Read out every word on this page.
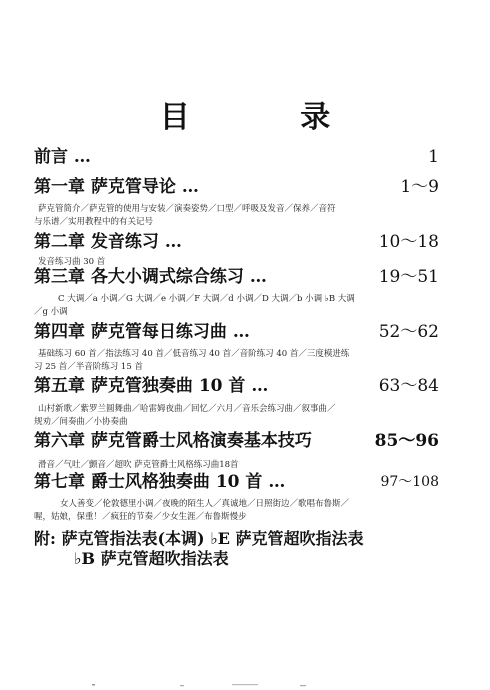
目 录
前言 …	1
第一章 萨克管导论 …	1～9
萨克管简介／萨克管的使用与安装／演奏姿势／口型／呼吸及发音／保养／音符
与乐谱／实用教程中的有关记号
第二章 发音练习 …	10～18
发音练习曲 30 首
第三章 各大小调式综合练习 …	19～51
C 大调／a 小调／G 大调／e 小调／F 大调／d 小调／D 大调／b 小调 ♭B 大调
／g 小调
第四章 萨克管每日练习曲 …	52～62
基础练习 60 首／指法练习 40 首／低音练习 40 首／音阶练习 40 首／三度模进练
习 25 首／半音阶练习 15 首
第五章 萨克管独奏曲 10 首 …	63～84
山村新歌／紫罗兰圆舞曲／哈雷姆夜曲／回忆／六月／音乐会练习曲／叙事曲／
规劝／间奏曲／小协奏曲
第六章 萨克管爵士风格演奏基本技巧	85～96
滑音／气吐／颤音／超吹 萨克管爵士风格练习曲18首
第七章 爵士风格独奏曲 10 首 …	97～108
女人善变／伦敦德里小调／夜晚的陌生人／真诚地／日照街边／歌唱布鲁斯／
喔，姑娘，保重！／疯狂的节奏／少女生涯／布鲁斯慢步
附: 萨克管指法表(本调) ♭E 萨克管超吹指法表
♭B 萨克管超吹指法表
